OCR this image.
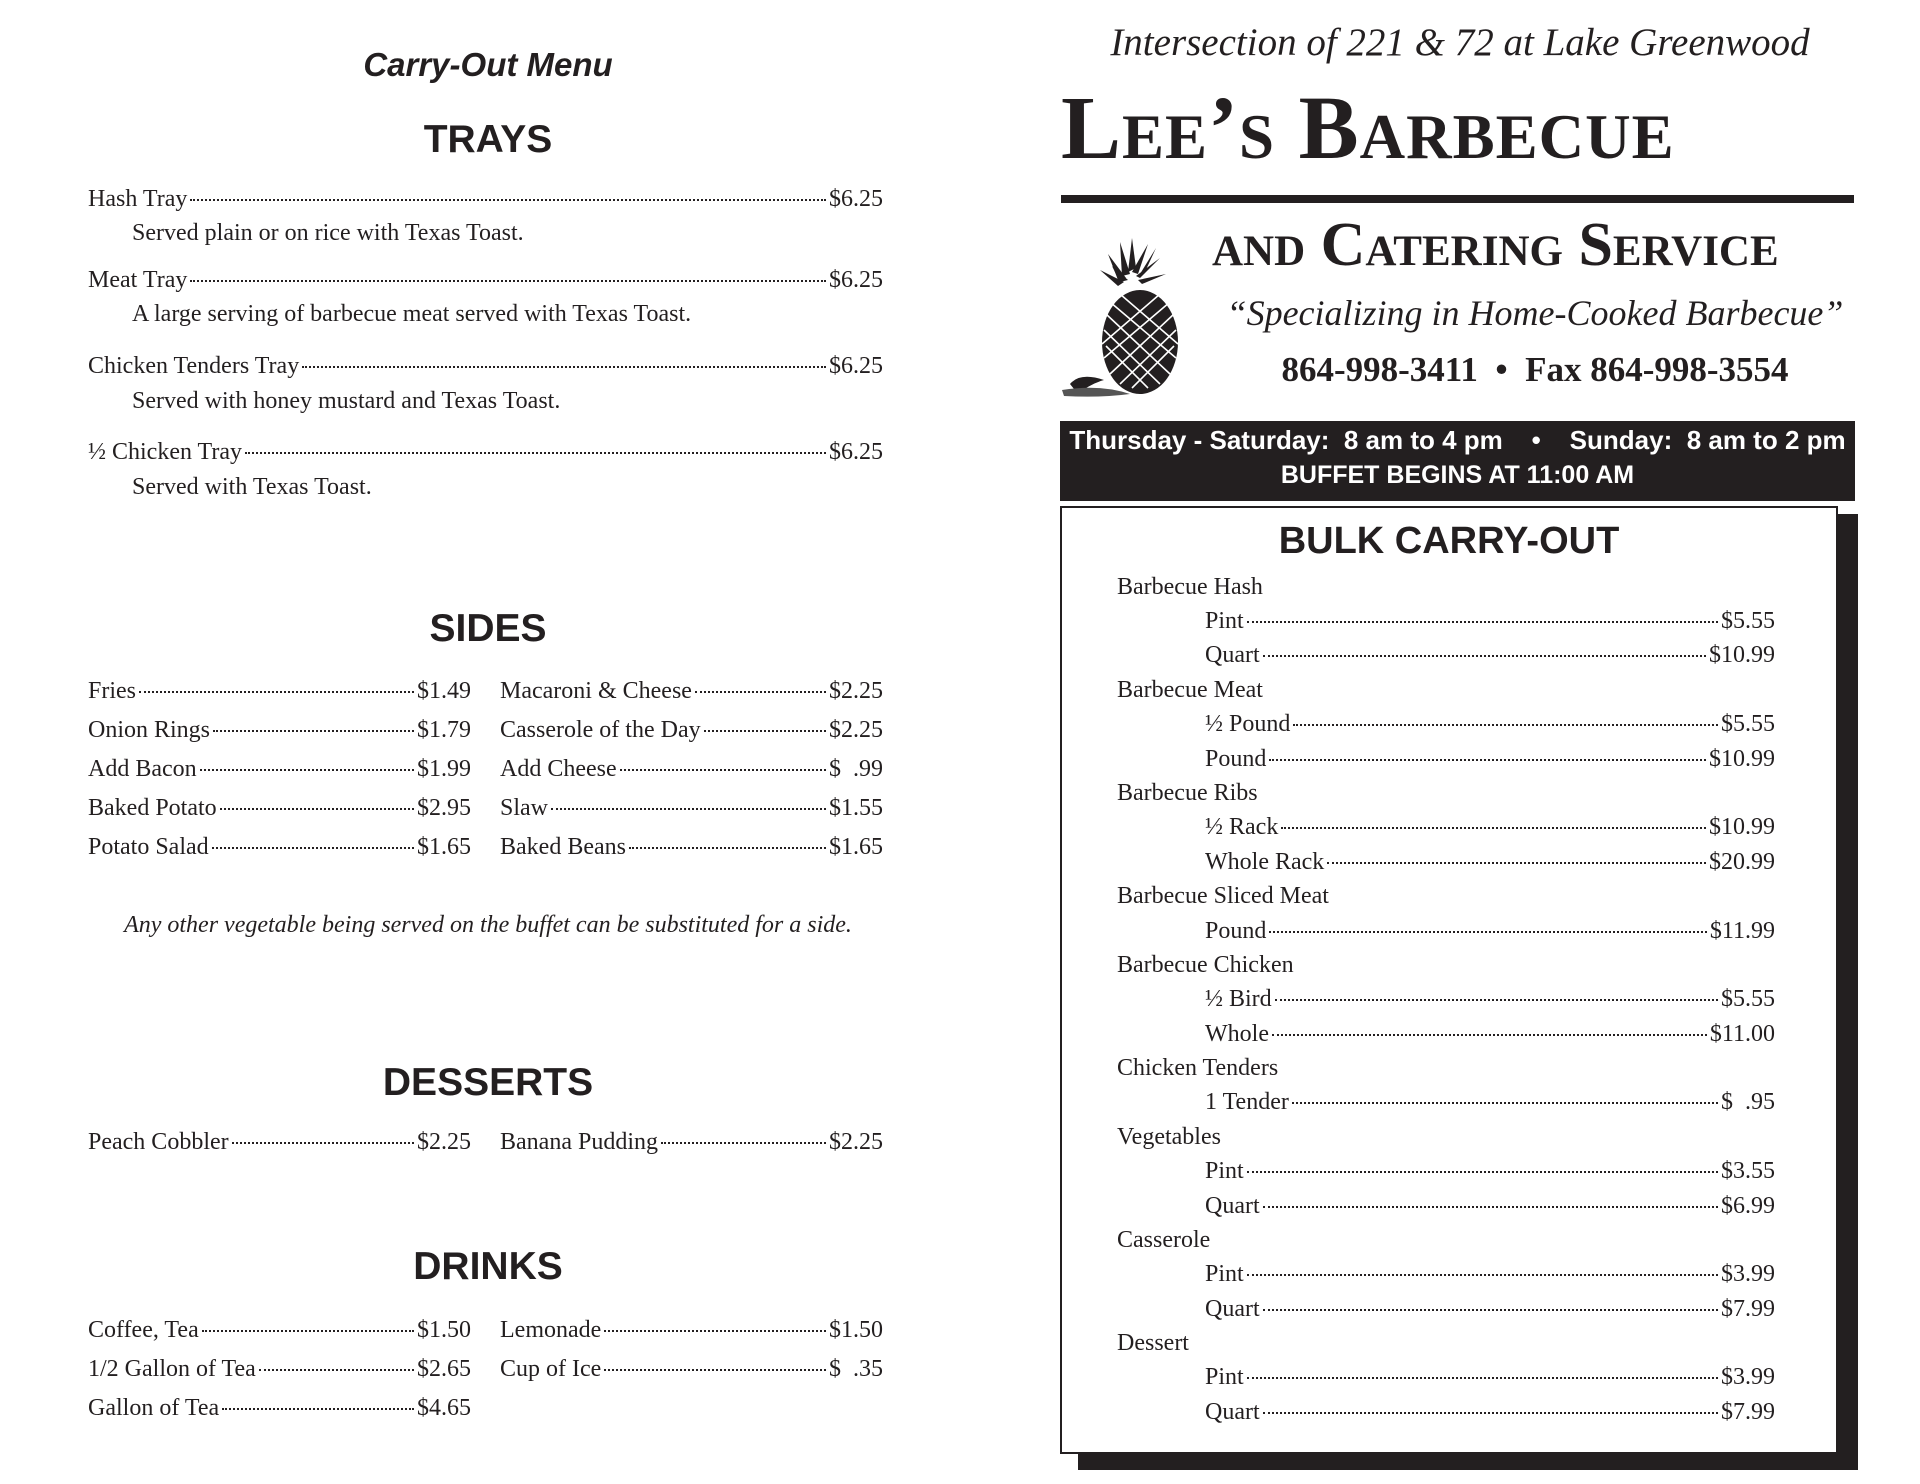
Carry-Out Menu
TRAYS
Hash Tray	$6.25
Served plain or on rice with Texas Toast.
Meat Tray	$6.25
A large serving of barbecue meat served with Texas Toast.
Chicken Tenders Tray	$6.25
Served with honey mustard and Texas Toast.
½ Chicken Tray	$6.25
Served with Texas Toast.
SIDES
Fries	$1.49
Onion Rings	$1.79
Add Bacon	$1.99
Baked Potato	$2.95
Potato Salad	$1.65
Macaroni & Cheese	$2.25
Casserole of the Day	$2.25
Add Cheese	$  .99
Slaw	$1.55
Baked Beans	$1.65
Any other vegetable being served on the buffet can be substituted for a side.
DESSERTS
Peach Cobbler	$2.25 Banana Pudding	$2.25
DRINKS
Coffee, Tea	$1.50
1/2 Gallon of Tea	$2.65
Gallon of Tea	$4.65
Lemonade	$1.50
Cup of Ice	$  .35
Intersection of 221 & 72 at Lake Greenwood
Lee’s Barbecue
and Catering Service
“Specializing in Home-Cooked Barbecue”
864-998-3411  •  Fax 864-998-3554
Thursday - Saturday:  8 am to 4 pm    •    Sunday:  8 am to 2 pm
BUFFET BEGINS AT 11:00 AM
BULK CARRY-OUT
Barbecue Hash
Pint	$5.55
Quart	$10.99
Barbecue Meat
½ Pound	$5.55
Pound	$10.99
Barbecue Ribs
½ Rack	$10.99
Whole Rack	$20.99
Barbecue Sliced Meat
Pound	$11.99
Barbecue Chicken
½ Bird	$5.55
Whole	$11.00
Chicken Tenders
1 Tender	$  .95
Vegetables
Pint	$3.55
Quart	$6.99
Casserole
Pint	$3.99
Quart	$7.99
Dessert
Pint	$3.99
Quart	$7.99
